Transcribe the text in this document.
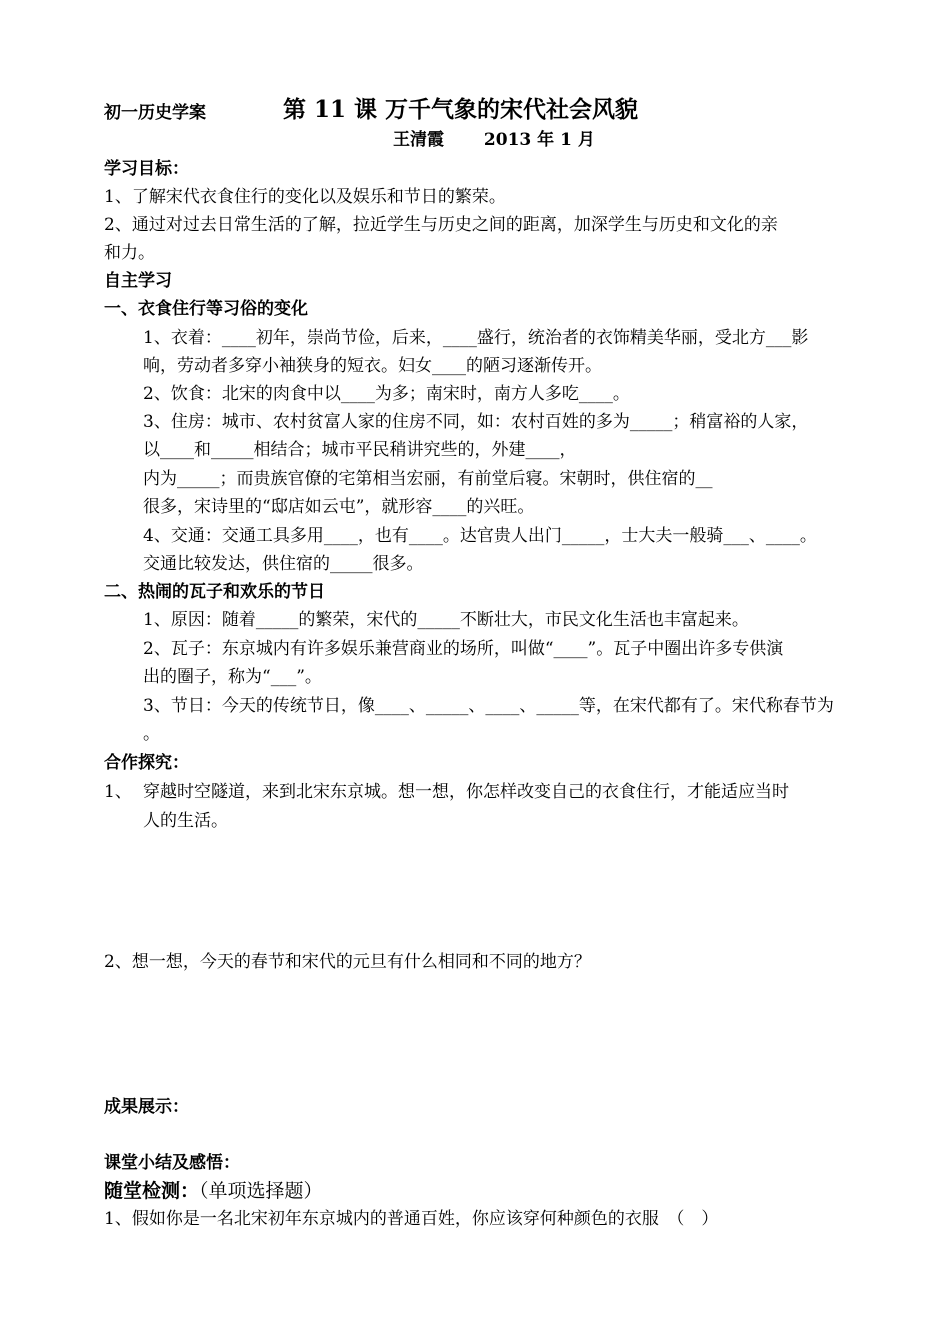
初一历史学案	第 11 课 万千气象的宋代社会风貌
王清霞　　 2013 年 1 月
学习目标：
1、了解宋代衣食住行的变化以及娱乐和节日的繁荣。
2、通过对过去日常生活的了解，拉近学生与历史之间的距离，加深学生与历史和文化的亲
和力。
自主学习
一、衣食住行等习俗的变化
1、衣着：____初年，崇尚节俭，后来，____盛行，统治者的衣饰精美华丽，受北方___影
响，劳动者多穿小袖狭身的短衣。妇女____的陋习逐渐传开。
2、饮食：北宋的肉食中以____为多；南宋时，南方人多吃____。
3、住房：城市、农村贫富人家的住房不同，如：农村百姓的多为_____；稍富裕的人家，
以____和_____相结合；城市平民稍讲究些的，外建____，
内为_____；而贵族官僚的宅第相当宏丽，有前堂后寝。宋朝时，供住宿的__
很多，宋诗里的“邸店如云屯”，就形容____的兴旺。
4、交通：交通工具多用____，也有____。达官贵人出门_____，士大夫一般骑___、____。
交通比较发达，供住宿的_____很多。
二、热闹的瓦子和欢乐的节日
1、原因：随着_____的繁荣，宋代的_____不断壮大，市民文化生活也丰富起来。
2、瓦子：东京城内有许多娱乐兼营商业的场所，叫做“____”。瓦子中圈出许多专供演
出的圈子，称为“___”。
3、节日：今天的传统节日，像____、_____、____、_____等，在宋代都有了。宋代称春节为
。
合作探究：
1、 穿越时空隧道，来到北宋东京城。想一想，你怎样改变自己的衣食住行，才能适应当时
人的生活。
2、想一想，今天的春节和宋代的元旦有什么相同和不同的地方？
成果展示：
课堂小结及感悟：
随堂检测：（单项选择题）
1、假如你是一名北宋初年东京城内的普通百姓，你应该穿何种颜色的衣服　（　）
